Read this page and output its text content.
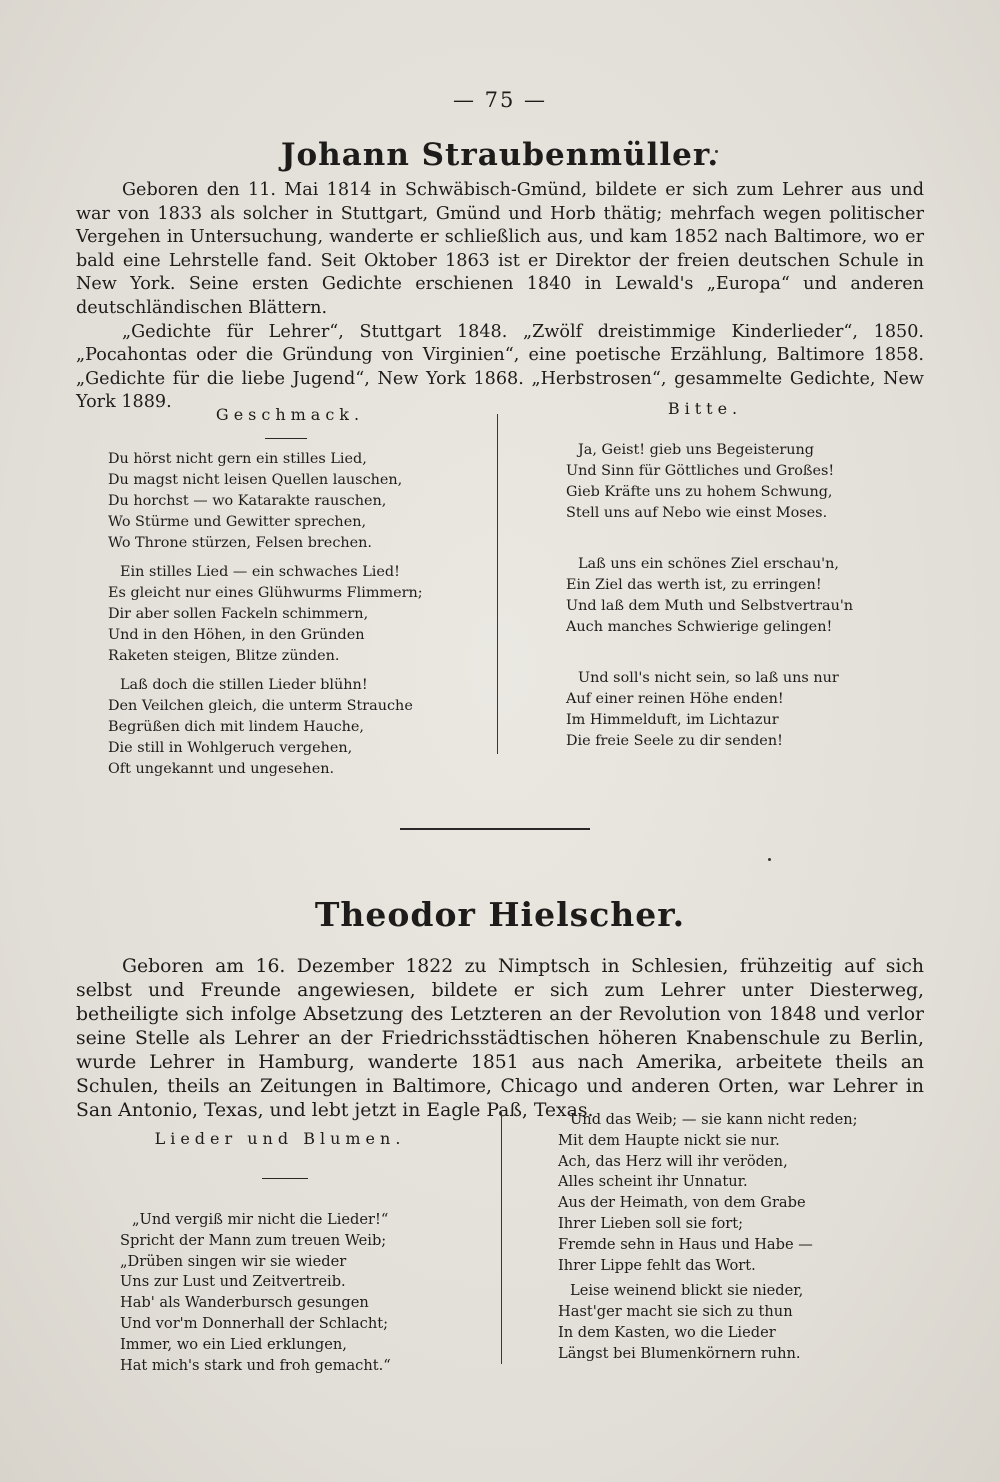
— 75 —
Johann Straubenmüller.

Geboren den 11. Mai 1814 in Schwäbisch-Gmünd, bildete er sich zum Lehrer aus und war von 1833 als solcher in Stuttgart, Gmünd und Horb thätig; mehrfach wegen politischer Vergehen in Untersuchung, wanderte er schließlich aus, und kam 1852 nach Baltimore, wo er bald eine Lehrstelle fand. Seit Oktober 1863 ist er Direktor der freien deutschen Schule in New York. Seine ersten Gedichte erschienen 1840 in Lewald's „Europa“ und anderen deutschländischen Blättern.

„Gedichte für Lehrer“, Stuttgart 1848. „Zwölf dreistimmige Kinderlieder“, 1850. „Pocahontas oder die Gründung von Virginien“, eine poetische Erzählung, Baltimore 1858. „Gedichte für die liebe Jugend“, New York 1868. „Herbstrosen“, gesammelte Gedichte, New York 1889.

Geschmack.
Du hörst nicht gern ein stilles Lied,
Du magst nicht leisen Quellen lauschen,
Du horchst — wo Katarakte rauschen,
Wo Stürme und Gewitter sprechen,
Wo Throne stürzen, Felsen brechen.
Ein stilles Lied — ein schwaches Lied!
Es gleicht nur eines Glühwurms Flimmern;
Dir aber sollen Fackeln schimmern,
Und in den Höhen, in den Gründen
Raketen steigen, Blitze zünden.
Laß doch die stillen Lieder blühn!
Den Veilchen gleich, die unterm Strauche
Begrüßen dich mit lindem Hauche,
Die still in Wohlgeruch vergehen,
Oft ungekannt und ungesehen.
Bitte.
Ja, Geist! gieb uns Begeisterung
Und Sinn für Göttliches und Großes!
Gieb Kräfte uns zu hohem Schwung,
Stell uns auf Nebo wie einst Moses.
Laß uns ein schönes Ziel erschau'n,
Ein Ziel das werth ist, zu erringen!
Und laß dem Muth und Selbstvertrau'n
Auch manches Schwierige gelingen!
Und soll's nicht sein, so laß uns nur
Auf einer reinen Höhe enden!
Im Himmelduft, im Lichtazur
Die freie Seele zu dir senden!
Theodor Hielscher.

Geboren am 16. Dezember 1822 zu Nimptsch in Schlesien, frühzeitig auf sich selbst und Freunde angewiesen, bildete er sich zum Lehrer unter Diesterweg, betheiligte sich infolge Absetzung des Letzteren an der Revolution von 1848 und verlor seine Stelle als Lehrer an der Friedrichsstädtischen höheren Knabenschule zu Berlin, wurde Lehrer in Hamburg, wanderte 1851 aus nach Amerika, arbeitete theils an Schulen, theils an Zeitungen in Baltimore, Chicago und anderen Orten, war Lehrer in San Antonio, Texas, und lebt jetzt in Eagle Paß, Texas.

Lieder und Blumen.
„Und vergiß mir nicht die Lieder!“
Spricht der Mann zum treuen Weib;
„Drüben singen wir sie wieder
Uns zur Lust und Zeitvertreib.
Hab' als Wanderbursch gesungen
Und vor'm Donnerhall der Schlacht;
Immer, wo ein Lied erklungen,
Hat mich's stark und froh gemacht.“
Und das Weib; — sie kann nicht reden;
Mit dem Haupte nickt sie nur.
Ach, das Herz will ihr veröden,
Alles scheint ihr Unnatur.
Aus der Heimath, von dem Grabe
Ihrer Lieben soll sie fort;
Fremde sehn in Haus und Habe —
Ihrer Lippe fehlt das Wort.
Leise weinend blickt sie nieder,
Hast'ger macht sie sich zu thun
In dem Kasten, wo die Lieder
Längst bei Blumenkörnern ruhn.
